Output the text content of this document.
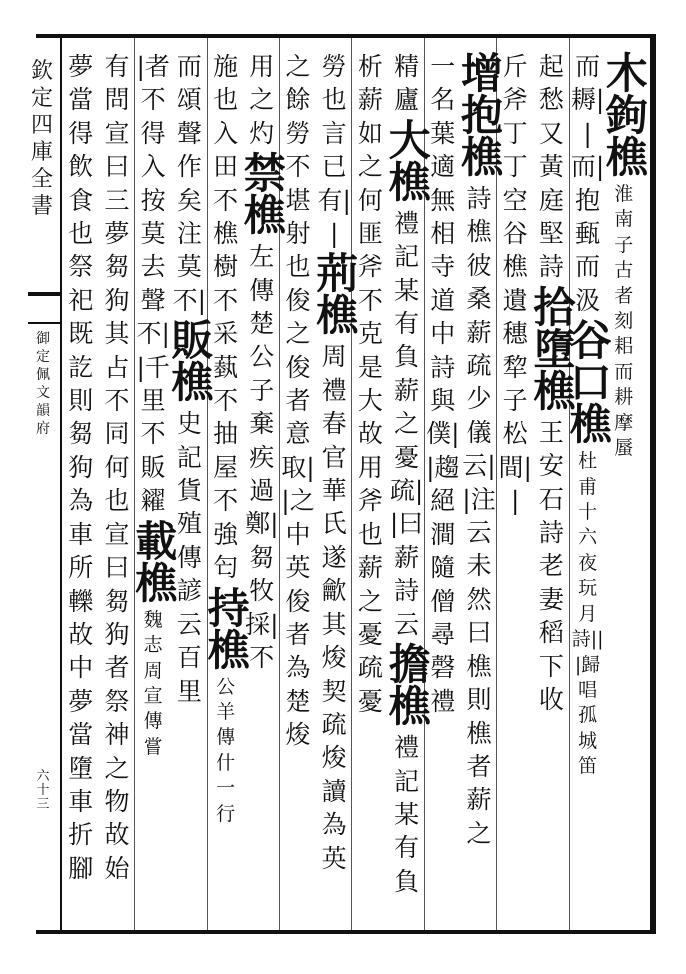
欽定四庫全書
御定佩文韻府
六十三
木鉤樵
淮南子古者刻耜而耕摩蜃
而耨|
|而|抱甀而汲
谷口樵
杜甫十六夜玩月詩|||歸唱孤城笛
起愁又黃庭堅詩
拾墮樵
王安石詩老妻稻下收
斤斧丁丁空谷樵
遺穗犂子松間||
增抱樵
詩樵彼桑薪疏少儀云||注云未然曰樵則樵者薪之
一名葉適無相寺道中詩與僕||趨絕澗隨僧尋磬禮
精廬
大樵
禮記某有負薪之憂疏||曰薪詩云
擔樵
禮記某有負
析薪如之何匪斧不克是大故用斧也
薪之憂疏憂
勞也言已有||
荊樵
周禮春官華氏遂龡其焌契疏焌讀為英
之餘勞不堪射也
俊之俊者意取||之中英俊者為楚焌
用之灼
禁樵
左傳楚公子棄疾過鄭|芻牧採|不
施也
入田不樵樹不采蓺不抽屋不強匄
持樵
公羊傳什一行
而頌聲作矣注莫不|
販樵
史記貨殖傳諺云百里
|者不得入按莫去聲
不||千里不販糴
載樵
魏志周宣傳嘗
有問宣曰三夢芻狗其占不同何也宣曰芻狗者祭神之物故始
夢當得飲食也祭祀既訖則芻狗為車所轢故中夢當墮車折腳
